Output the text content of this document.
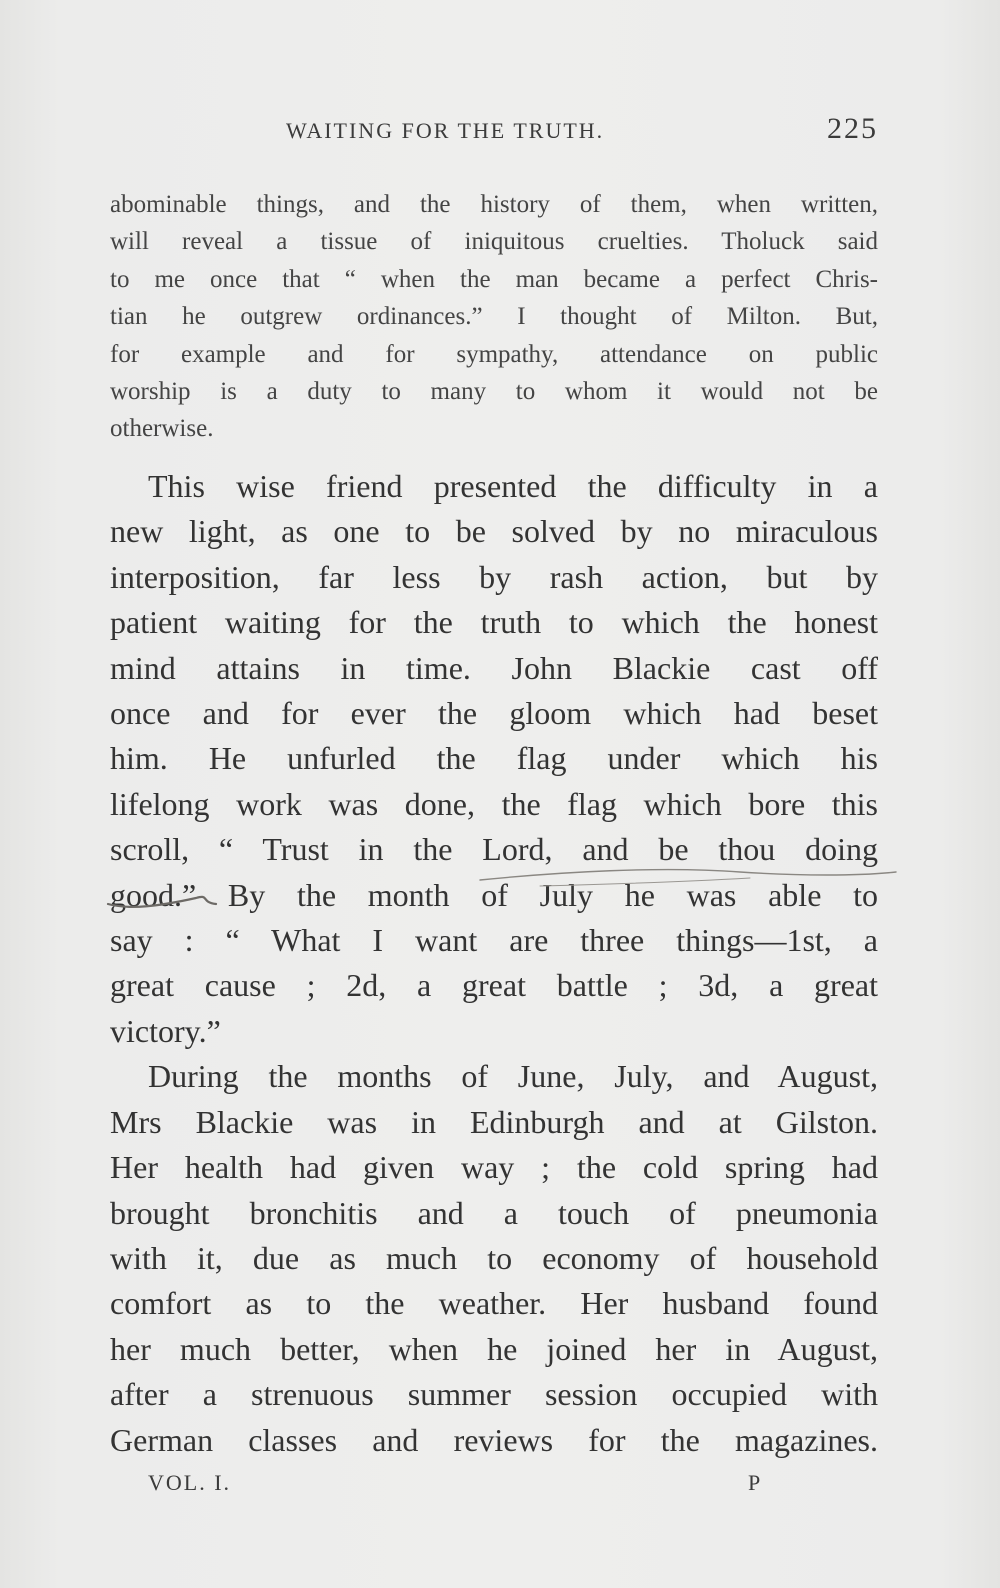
WAITING FOR THE TRUTH.	225
abominable things, and the history of them, when written,
will reveal a tissue of iniquitous cruelties. Tholuck said
to me once that “ when the man became a perfect Chris-
tian he outgrew ordinances.” I thought of Milton. But,
for example and for sympathy, attendance on public
worship is a duty to many to whom it would not be
otherwise.
This wise friend presented the difficulty in a
new light, as one to be solved by no miraculous
interposition, far less by rash action, but by
patient waiting for the truth to which the honest
mind attains in time. John Blackie cast off
once and for ever the gloom which had beset
him. He unfurled the flag under which his
lifelong work was done, the flag which bore this
scroll, “ Trust in the Lord, and be thou doing
good.” By the month of July he was able to
say : “ What I want are three things—1st, a
great cause ; 2d, a great battle ; 3d, a great
victory.”
During the months of June, July, and August,
Mrs Blackie was in Edinburgh and at Gilston.
Her health had given way ; the cold spring had
brought bronchitis and a touch of pneumonia
with it, due as much to economy of household
comfort as to the weather. Her husband found
her much better, when he joined her in August,
after a strenuous summer session occupied with
German classes and reviews for the magazines.
VOL. I.	P
